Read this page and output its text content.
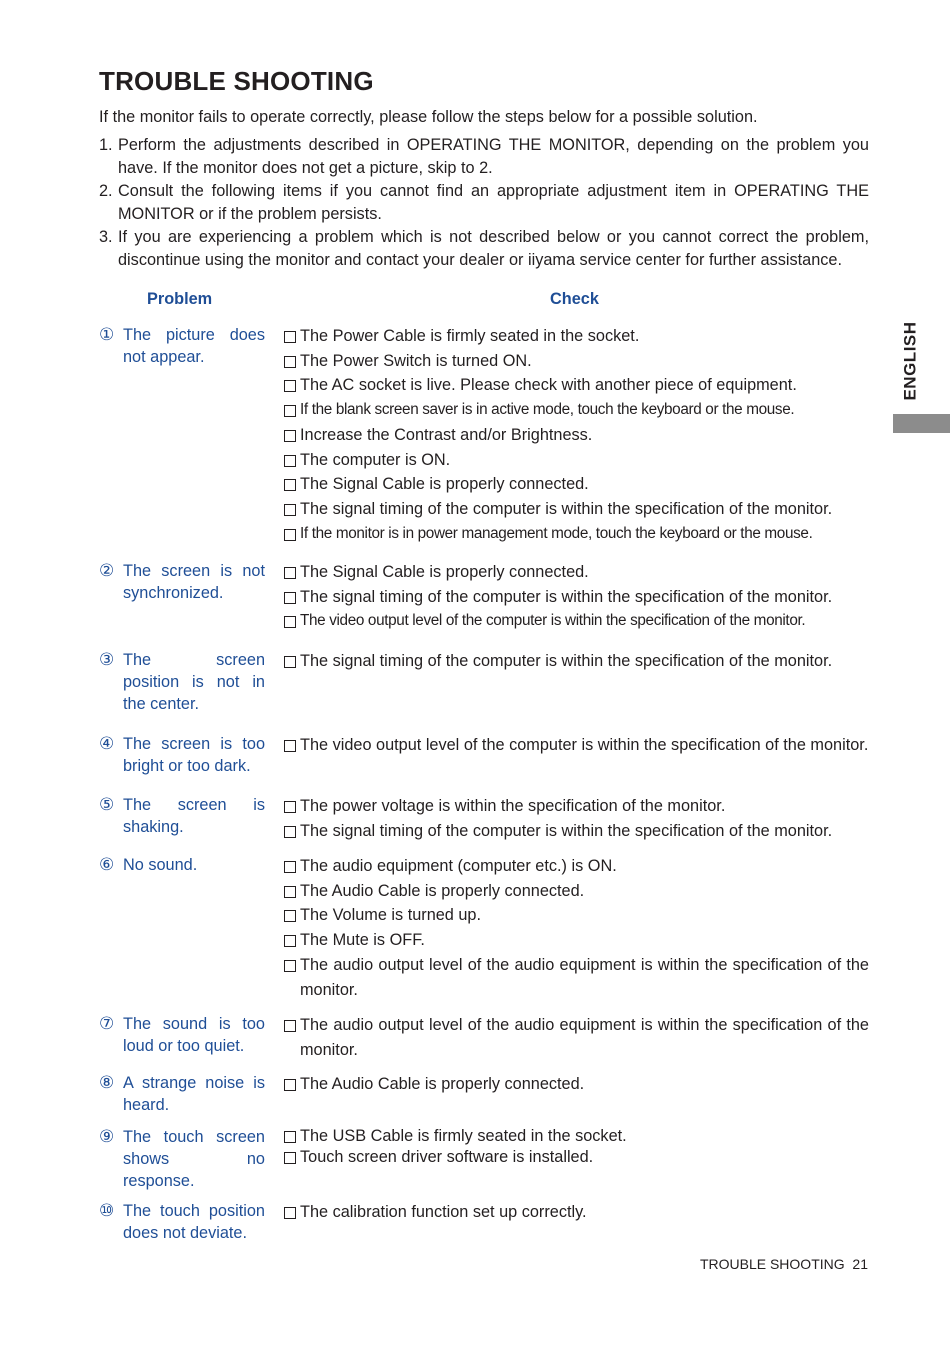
TROUBLE SHOOTING
If the monitor fails to operate correctly, please follow the steps below for a possible solution.
1. Perform the adjustments described in OPERATING THE MONITOR, depending on the problem you have. If the monitor does not get a picture, skip to 2.
2. Consult the following items if you cannot find an appropriate adjustment item in OPERATING THE MONITOR or if the problem persists.
3. If you are experiencing a problem which is not described below or you cannot correct the problem, discontinue using the monitor and contact your dealer or iiyama service center for further assistance.
Problem	Check
① The picture does not appear.
The Power Cable is firmly seated in the socket.
The Power Switch is turned ON.
The AC socket is live. Please check with another piece of equipment.
If the blank screen saver is in active mode, touch the keyboard or the mouse.
Increase the Contrast and/or Brightness.
The computer is ON.
The Signal Cable is properly connected.
The signal timing of the computer is within the specification of the monitor.
If the monitor is in power management mode, touch the keyboard or the mouse.
② The screen is not synchronized.
The Signal Cable is properly connected.
The signal timing of the computer is within the specification of the monitor.
The video output level of the computer is within the specification of the monitor.
③ The screen position is not in the center.
The signal timing of the computer is within the specification of the monitor.
④ The screen is too bright or too dark.
The video output level of the computer is within the specification of the monitor.
⑤ The screen is shaking.
The power voltage is within the specification of the monitor.
The signal timing of the computer is within the specification of the monitor.
⑥ No sound.	The audio equipment (computer etc.) is ON.
The Audio Cable is properly connected.
The Volume is turned up.
The Mute is OFF.
The audio output level of the audio equipment is within the specification of the monitor.
⑦ The sound is too loud or too quiet.
The audio output level of the audio equipment is within the specification of the monitor.
⑧ A strange noise is heard.
The Audio Cable is properly connected.
⑨ The touch screen shows no response.
The USB Cable is firmly seated in the socket.
Touch screen driver software is installed.
⑩ The touch position does not deviate.
The calibration function set up correctly.
ENGLISH
TROUBLE SHOOTING 21
